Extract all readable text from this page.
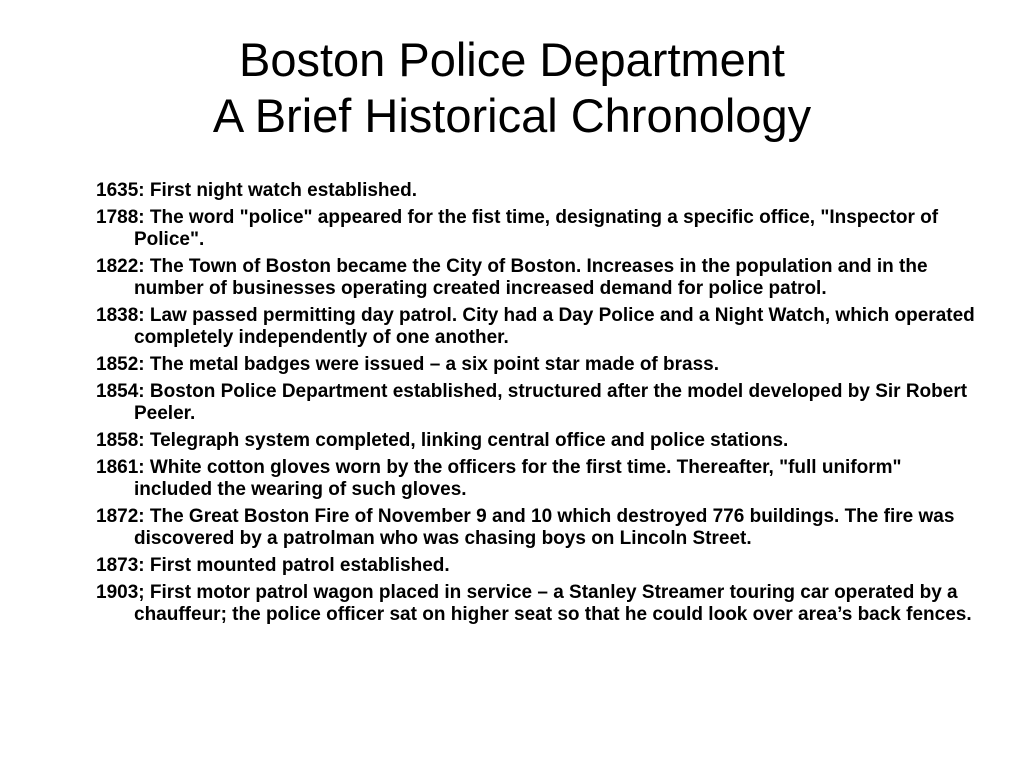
Boston Police Department
A Brief Historical Chronology
1635: First night watch established.
1788: The word "police" appeared for the fist time, designating a specific office, "Inspector of Police".
1822: The Town of Boston became the City of Boston. Increases in the population and in the number of businesses operating created increased demand for police patrol.
1838: Law passed permitting day patrol. City had a Day Police and a Night Watch, which operated completely independently of one another.
1852: The metal badges were issued – a six point star made of brass.
1854: Boston Police Department established, structured after the model developed by Sir Robert Peeler.
1858: Telegraph system completed, linking central office and police stations.
1861: White cotton gloves worn by the officers for the first time. Thereafter, "full uniform" included the wearing of such gloves.
1872: The Great Boston Fire of November 9 and 10 which destroyed 776 buildings. The fire was discovered by a patrolman who was chasing boys on Lincoln Street.
1873: First mounted patrol established.
1903; First motor patrol wagon placed in service – a Stanley Streamer touring car operated by a chauffeur; the police officer sat on higher seat so that he could look over area’s back fences.
